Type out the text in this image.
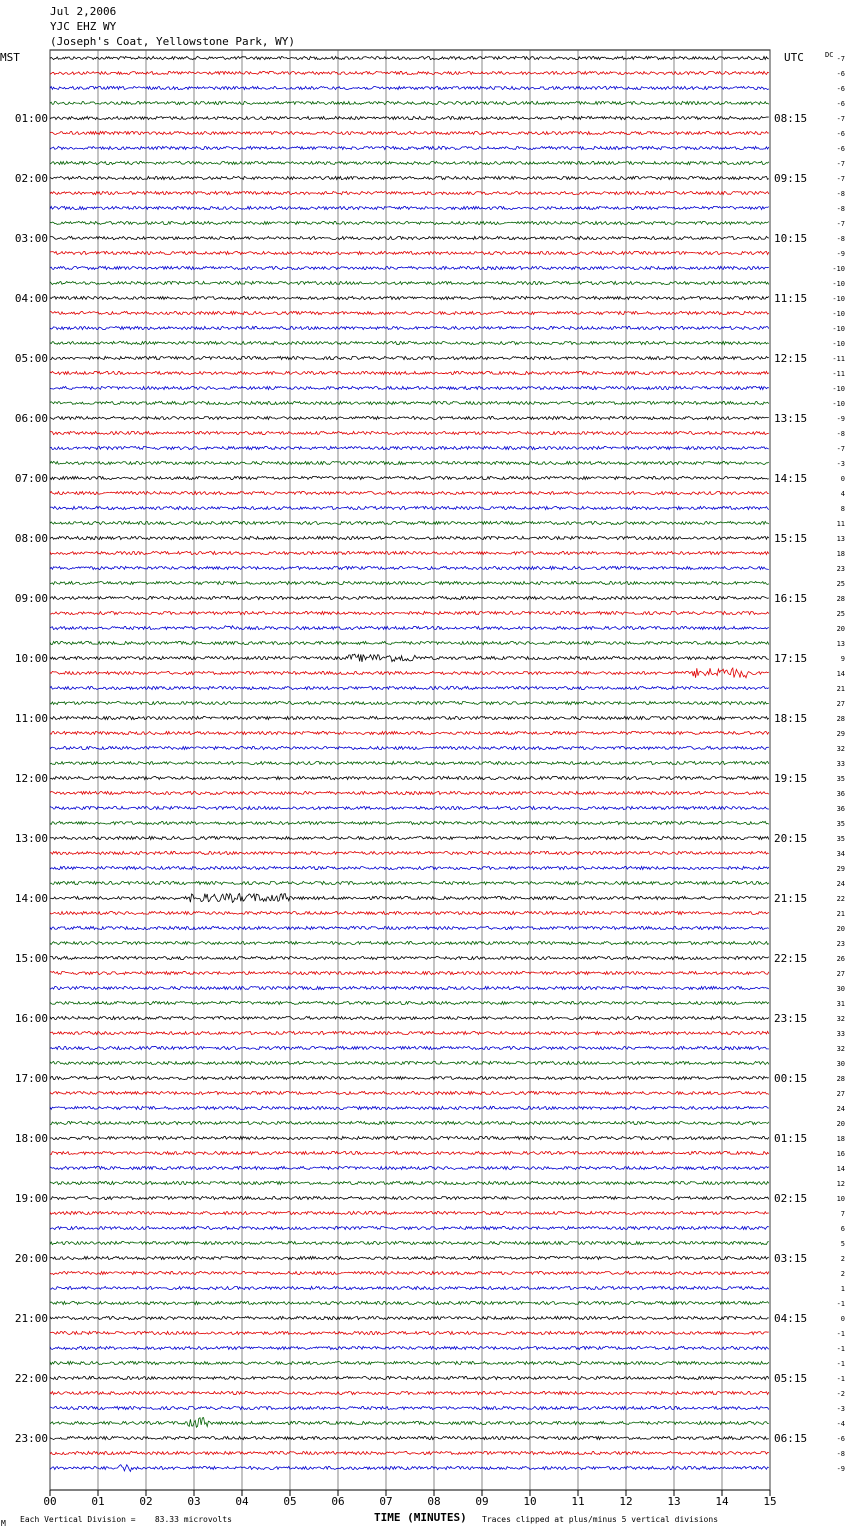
Jul 2,2006
YJC EHZ WY
(Joseph's Coat, Yellowstone Park, WY)
00	01	02	03	04	05	06	07	08	09	10	11	12	13	14	15
MST	UTC	DC -7
-6
-6
-6
-7
01:00	08:15
-6
-6
-7
-7
02:00	09:15
-8
-8
-7
-8
03:00	10:15
-9
-10
-10
-10
04:00	11:15
-10
-10
-10
-11
05:00	12:15
-11
-10
-10
-9
06:00	13:15
-8
-7
-3
0
07:00	14:15
4
8
11
13
08:00	15:15
18
23
25
28
09:00	16:15
25
20
13
9
10:00	17:15
14
21
27
28
11:00	18:15
29
32
33
35
12:00	19:15
36
36
35
35
13:00	20:15
34
29
24
22
14:00	21:15
21
20
23
26
15:00	22:15
27
30
31
32
16:00	23:15
33
32
30
28
17:00	00:15
27
24
20
18
18:00	01:15
16
14
12
10
19:00	02:15
7
6
5
2
20:00	03:15
2
1
-1
0
21:00	04:15
-1
-1
-1
-1
22:00	05:15
-2
-3
-4
-6
23:00	06:15
-8
-9
M Each Vertical Division =    83.33 microvolts	TIME (MINUTES) Traces clipped at plus/minus 5 vertical divisions
